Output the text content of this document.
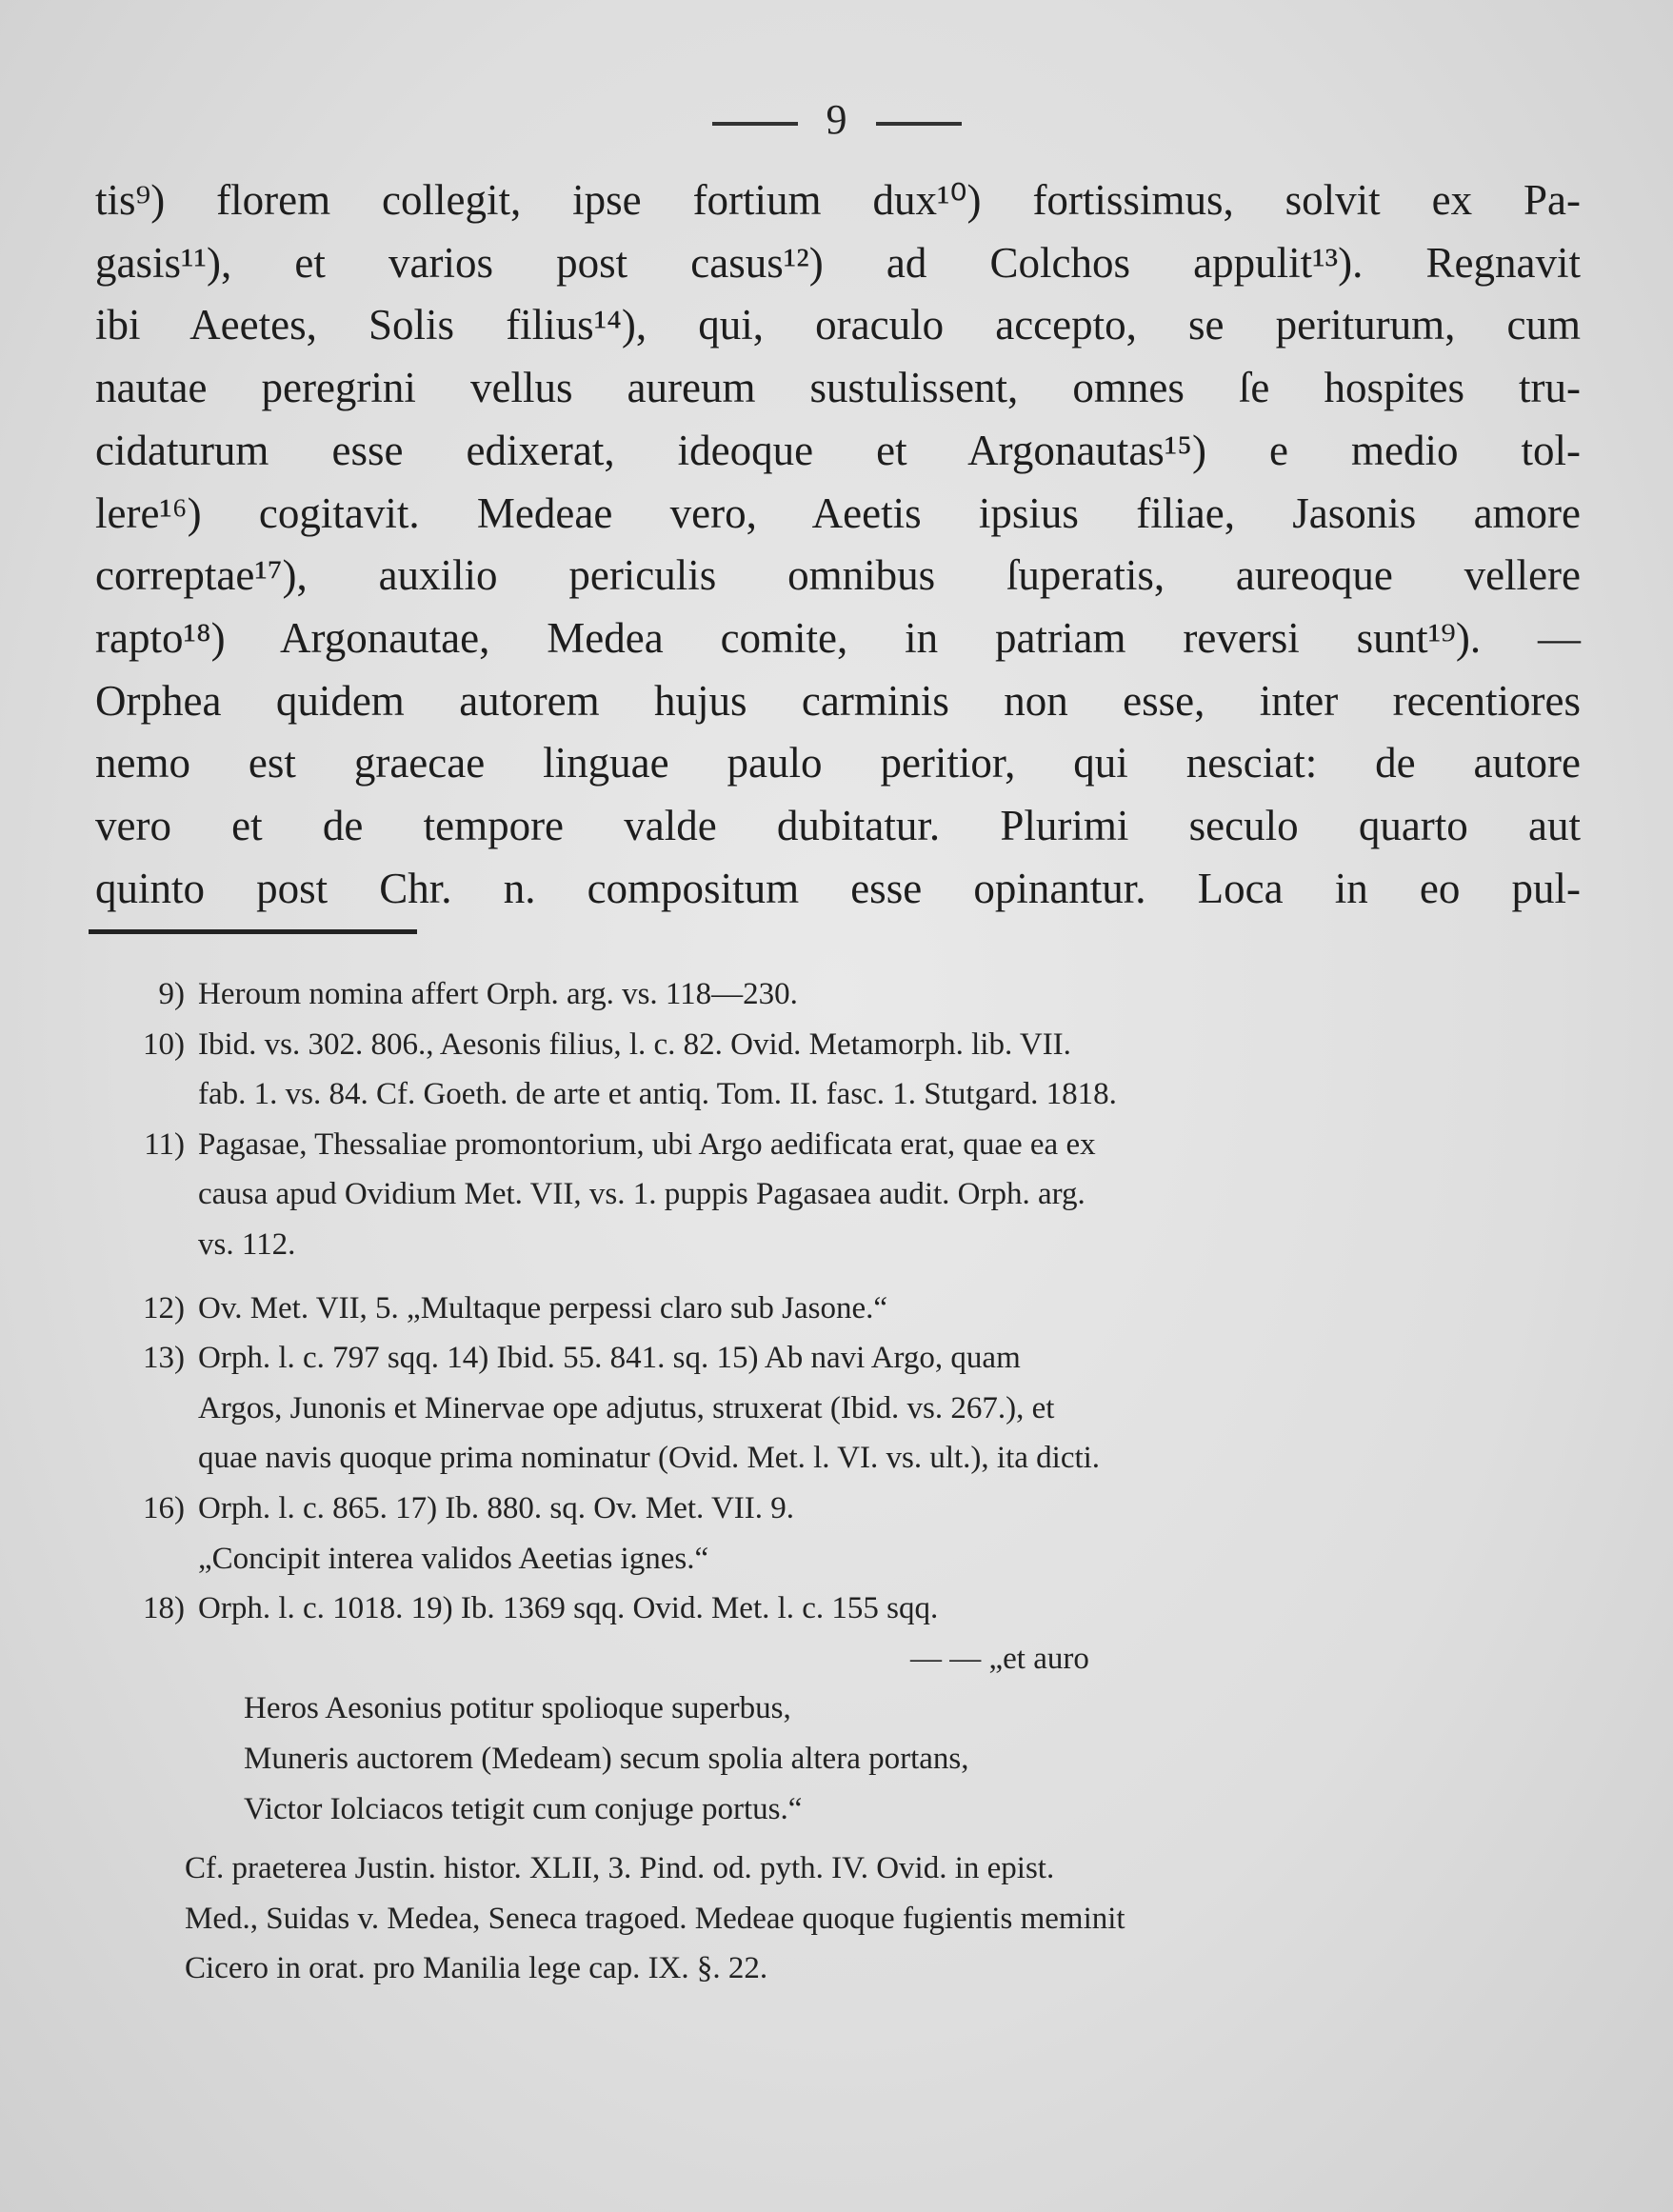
9
tis⁹) florem collegit, ipse fortium dux¹⁰) fortissimus, solvit ex Pa-
gasis¹¹), et varios post casus¹²) ad Colchos appulit¹³). Regnavit
ibi Aeetes, Solis filius¹⁴), qui, oraculo accepto, se periturum, cum
nautae peregrini vellus aureum sustulissent, omnes ſe hospites tru-
cidaturum esse edixerat, ideoque et Argonautas¹⁵) e medio tol-
lere¹⁶) cogitavit. Medeae vero, Aeetis ipsius filiae, Jasonis amore
correptae¹⁷), auxilio periculis omnibus ſuperatis, aureoque vellere
rapto¹⁸) Argonautae, Medea comite, in patriam reversi sunt¹⁹). —
Orphea quidem autorem hujus carminis non esse, inter recentiores
nemo est graecae linguae paulo peritior, qui nesciat: de autore
vero et de tempore valde dubitatur. Plurimi seculo quarto aut
quinto post Chr. n. compositum esse opinantur. Loca in eo pul-
9) Heroum nomina affert Orph. arg. vs. 118—230.
10) Ibid. vs. 302. 806., Aesonis filius, l. c. 82. Ovid. Metamorph. lib. VII.
fab. 1. vs. 84. Cf. Goeth. de arte et antiq. Tom. II. fasc. 1. Stutgard. 1818.
11) Pagasae, Thessaliae promontorium, ubi Argo aedificata erat, quae ea ex
causa apud Ovidium Met. VII, vs. 1. puppis Pagasaea audit. Orph. arg.
vs. 112.
12) Ov. Met. VII, 5. „Multaque perpessi claro sub Jasone.“
13) Orph. l. c. 797 sqq. 14) Ibid. 55. 841. sq. 15) Ab navi Argo, quam
Argos, Junonis et Minervae ope adjutus, struxerat (Ibid. vs. 267.), et
quae navis quoque prima nominatur (Ovid. Met. l. VI. vs. ult.), ita dicti.
16) Orph. l. c. 865. 17) Ib. 880. sq. Ov. Met. VII. 9.
„Concipit interea validos Aeetias ignes.“
18) Orph. l. c. 1018. 19) Ib. 1369 sqq. Ovid. Met. l. c. 155 sqq.
— — „et auro
Heros Aesonius potitur spolioque superbus,
Muneris auctorem (Medeam) secum spolia altera portans,
Victor Iolciacos tetigit cum conjuge portus.“
Cf. praeterea Justin. histor. XLII, 3. Pind. od. pyth. IV. Ovid. in epist.
Med., Suidas v. Medea, Seneca tragoed. Medeae quoque fugientis meminit
Cicero in orat. pro Manilia lege cap. IX. §. 22.
